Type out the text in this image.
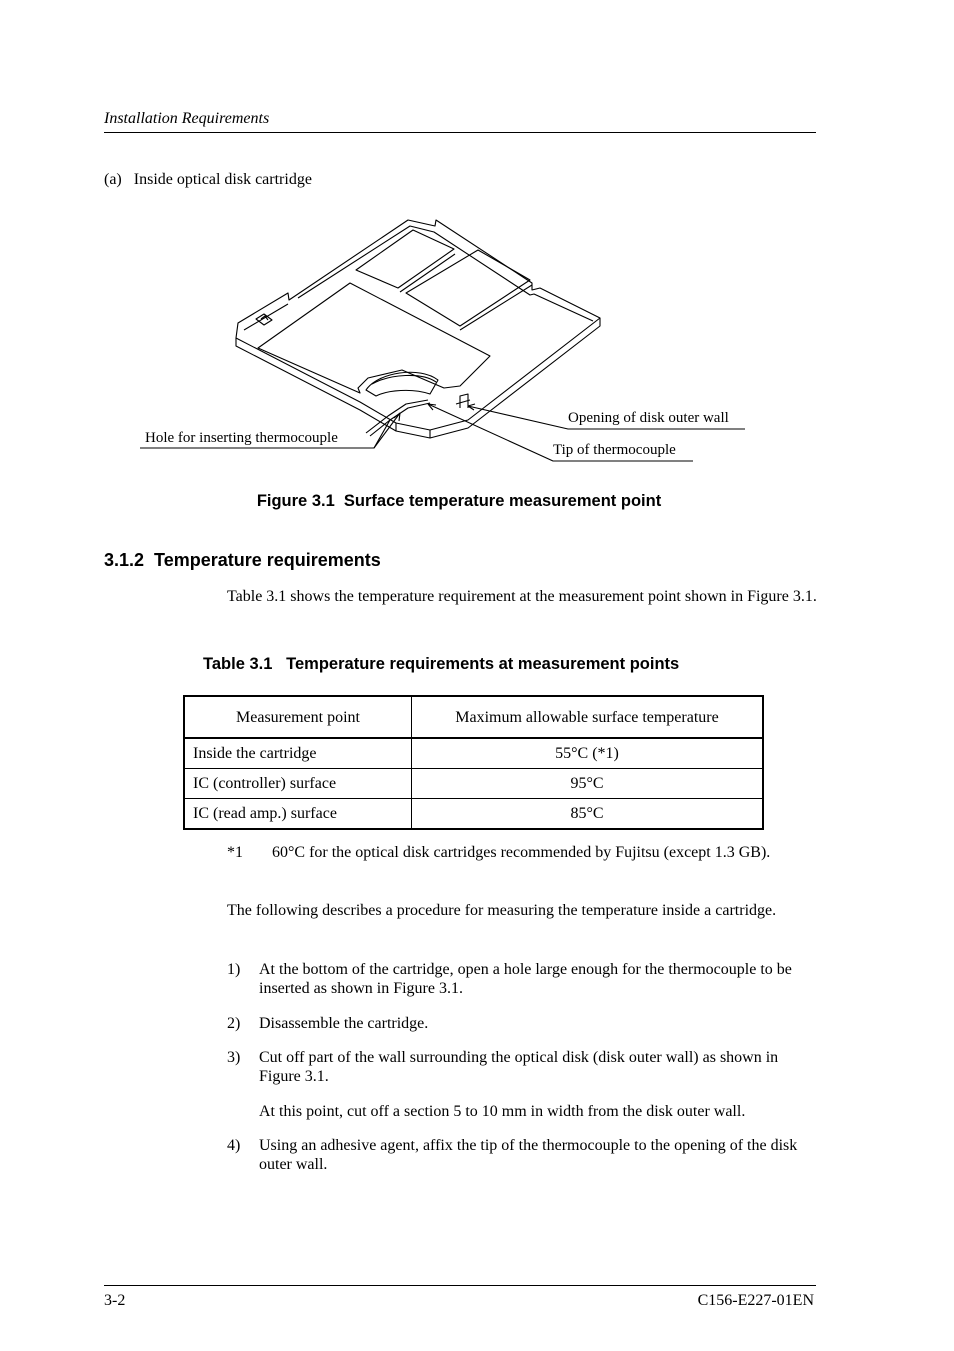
Installation Requirements
(a)   Inside optical disk cartridge
Hole for inserting thermocouple
Opening of disk outer wall
Tip of thermocouple
Figure 3.1  Surface temperature measurement point
3.1.2  Temperature requirements
Table 3.1 shows the temperature requirement at the measurement point shown in Figure 3.1.
Table 3.1   Temperature requirements at measurement points
Measurement point	Maximum allowable surface temperature
Inside the cartridge	55°C (*1)
IC (controller) surface	95°C
IC (read amp.) surface	85°C
*1 60°C for the optical disk cartridges recommended by Fujitsu (except 1.3 GB).
The following describes a procedure for measuring the temperature inside a cartridge.
1) At the bottom of the cartridge, open a hole large enough for the thermocouple to be inserted as shown in Figure 3.1.
2) Disassemble the cartridge.
3) Cut off part of the wall surrounding the optical disk (disk outer wall) as shown in Figure 3.1.
At this point, cut off a section 5 to 10 mm in width from the disk outer wall.
4) Using an adhesive agent, affix the tip of the thermocouple to the opening of the disk outer wall.
3-2	C156-E227-01EN
